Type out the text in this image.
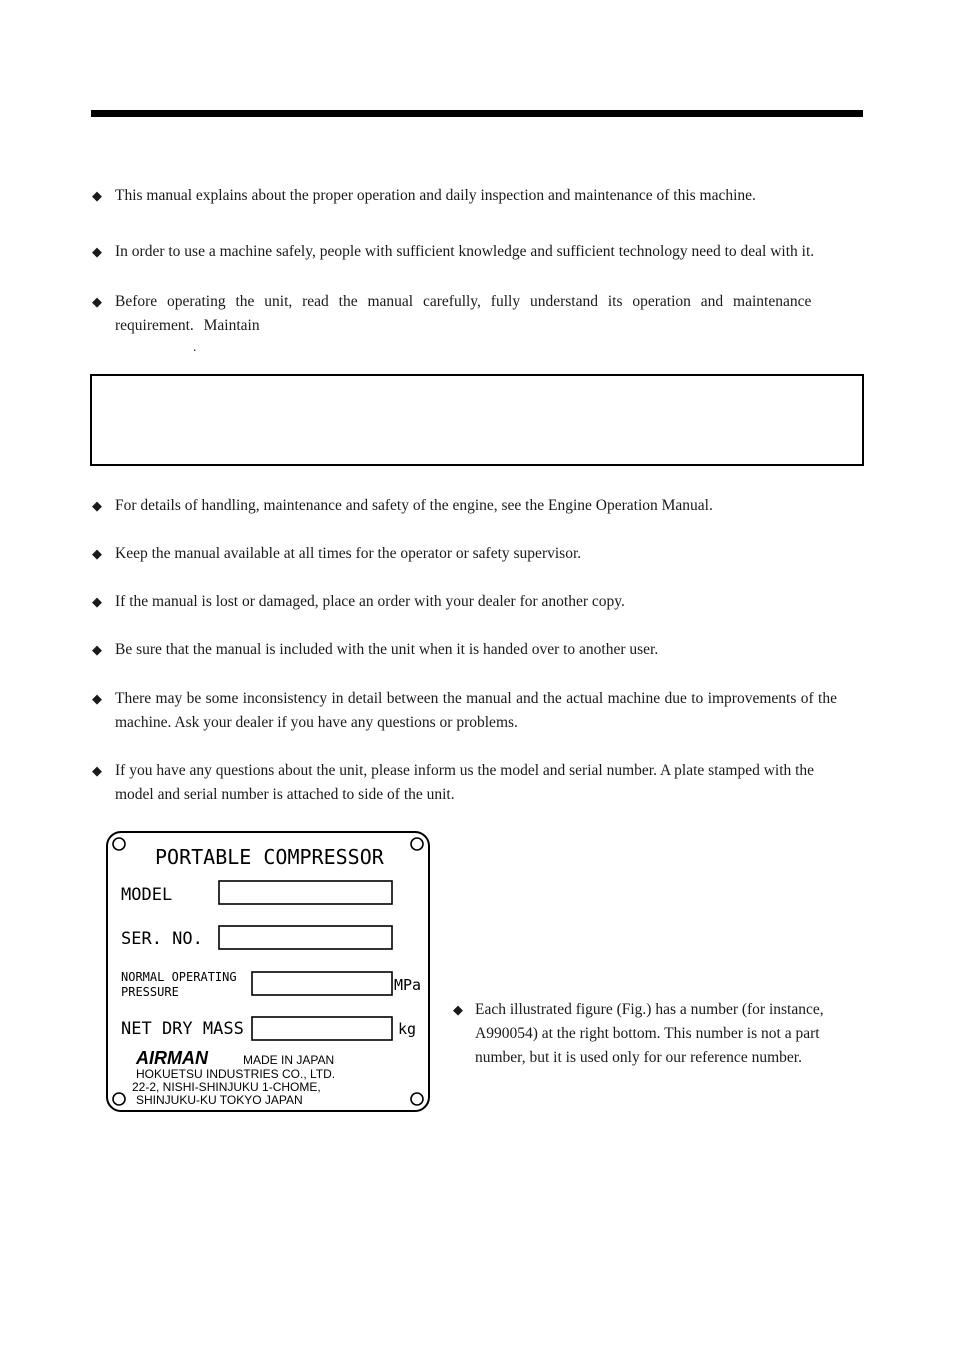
◆ This manual explains about the proper operation and daily inspection and maintenance of this machine.
◆ In order to use a machine safely, people with sufficient knowledge and sufficient technology need to deal with it.
◆ Before operating the unit, read the manual carefully, fully understand its operation and maintenance requirement. Maintain
.
◆ For details of handling, maintenance and safety of the engine, see the Engine Operation Manual.
◆ Keep the manual available at all times for the operator or safety supervisor.
◆ If the manual is lost or damaged, place an order with your dealer for another copy.
◆ Be sure that the manual is included with the unit when it is handed over to another user.
◆ There may be some inconsistency in detail between the manual and the actual machine due to improvements of the machine. Ask your dealer if you have any questions or problems.
◆ If you have any questions about the unit, please inform us the model and serial number. A plate stamped with the model and serial number is attached to side of the unit.
PORTABLE COMPRESSOR
MODEL
SER. NO.
NORMAL OPERATING
PRESSURE	MPa
NET DRY MASS	kg
AIRMAN	MADE IN JAPAN
HOKUETSU INDUSTRIES CO., LTD.
22-2, NISHI-SHINJUKU 1-CHOME,
SHINJUKU-KU TOKYO JAPAN
◆ Each illustrated figure (Fig.) has a number (for instance, A990054) at the right bottom. This number is not a part number, but it is used only for our reference number.
